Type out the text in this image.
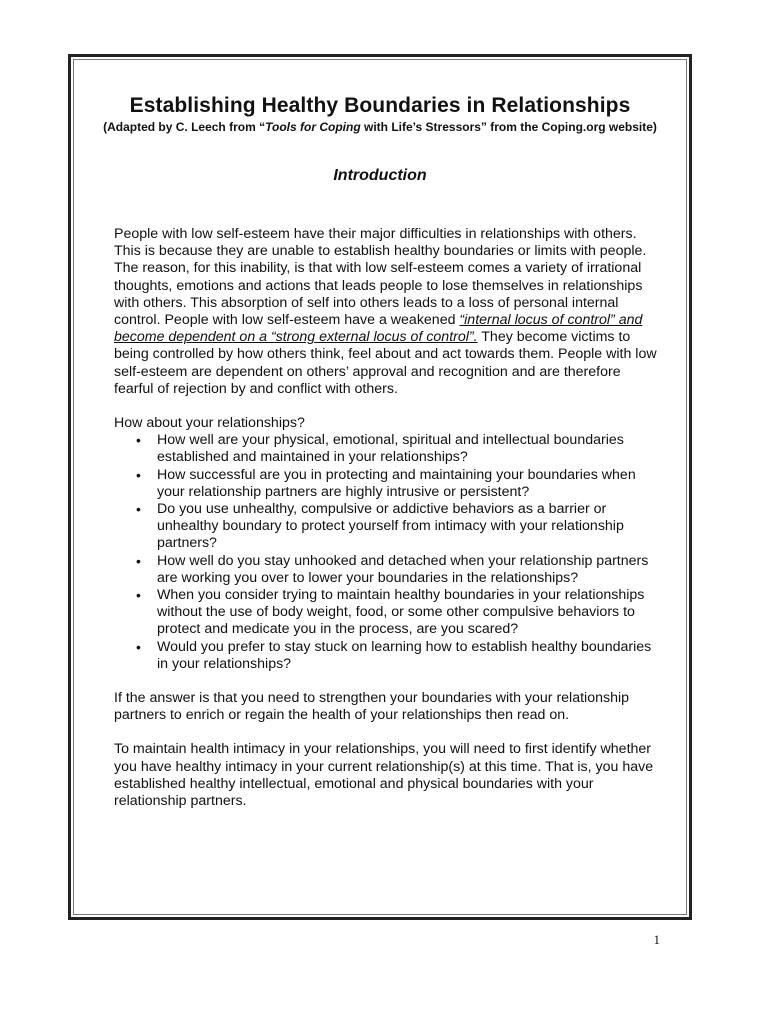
Establishing Healthy Boundaries in Relationships

(Adapted by C. Leech from “Tools for Coping with Life’s Stressors” from the Coping.org website)

Introduction

People with low self-esteem have their major difficulties in relationships with others. This is because they are unable to establish healthy boundaries or limits with people. The reason, for this inability, is that with low self-esteem comes a variety of irrational thoughts, emotions and actions that leads people to lose themselves in relationships with others. This absorption of self into others leads to a loss of personal internal control. People with low self-esteem have a weakened “internal locus of control” and become dependent on a “strong external locus of control”. They become victims to being controlled by how others think, feel about and act towards them. People with low self-esteem are dependent on others’ approval and recognition and are therefore fearful of rejection by and conflict with others.

How about your relationships?

• How well are your physical, emotional, spiritual and intellectual boundaries established and maintained in your relationships?
• How successful are you in protecting and maintaining your boundaries when your relationship partners are highly intrusive or persistent?
• Do you use unhealthy, compulsive or addictive behaviors as a barrier or unhealthy boundary to protect yourself from intimacy with your relationship partners?
• How well do you stay unhooked and detached when your relationship partners are working you over to lower your boundaries in the relationships?
• When you consider trying to maintain healthy boundaries in your relationships without the use of body weight, food, or some other compulsive behaviors to protect and medicate you in the process, are you scared?
• Would you prefer to stay stuck on learning how to establish healthy boundaries in your relationships?

If the answer is that you need to strengthen your boundaries with your relationship partners to enrich or regain the health of your relationships then read on.

To maintain health intimacy in your relationships, you will need to first identify whether you have healthy intimacy in your current relationship(s) at this time. That is, you have established healthy intellectual, emotional and physical boundaries with your relationship partners.

1
